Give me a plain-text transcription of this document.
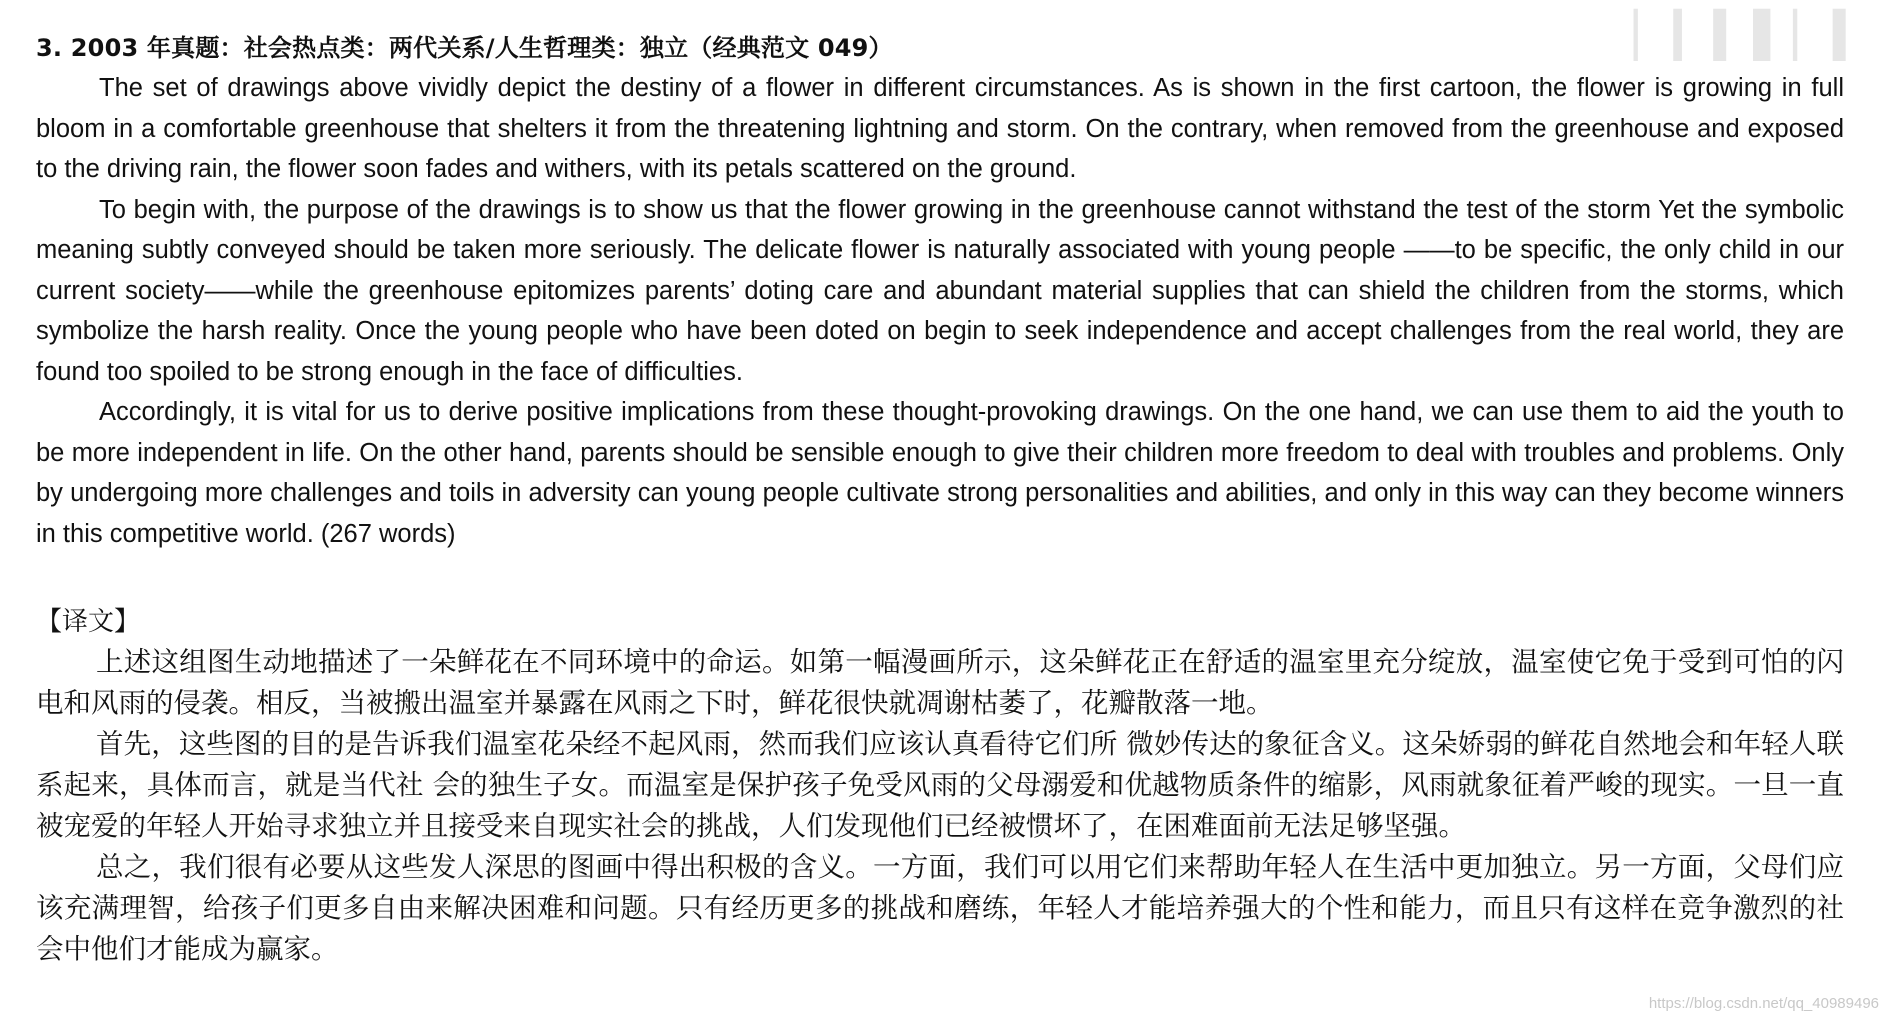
▏▎▍▌▏▍
3. 2003 年真题：社会热点类：两代关系/人生哲理类：独立（经典范文 049）

The set of drawings above vividly depict the destiny of a flower in different circumstances. As is shown in the first cartoon, the flower is growing in full bloom in a comfortable greenhouse that shelters it from the threatening lightning and storm. On the contrary, when removed from the greenhouse and exposed to the driving rain, the flower soon fades and withers, with its petals scattered on the ground.

To begin with, the purpose of the drawings is to show us that the flower growing in the greenhouse cannot withstand the test of the storm Yet the symbolic meaning subtly conveyed should be taken more seriously. The delicate flower is naturally associated with young people ——to be specific, the only child in our current society——while the greenhouse epitomizes parents’ doting care and abundant material supplies that can shield the children from the storms, which symbolize the harsh reality. Once the young people who have been doted on begin to seek independence and accept challenges from the real world, they are found too spoiled to be strong enough in the face of difficulties.

Accordingly, it is vital for us to derive positive implications from these thought-provoking drawings. On the one hand, we can use them to aid the youth to be more independent in life. On the other hand, parents should be sensible enough to give their children more freedom to deal with troubles and problems. Only by undergoing more challenges and toils in adversity can young people cultivate strong personalities and abilities, and only in this way can they become winners in this competitive world. (267 words)

【译文】

上述这组图生动地描述了一朵鲜花在不同环境中的命运。如第一幅漫画所示，这朵鲜花正在舒适的温室里充分绽放，温室使它免于受到可怕的闪电和风雨的侵袭。相反，当被搬出温室并暴露在风雨之下时，鲜花很快就凋谢枯萎了，花瓣散落一地。

首先，这些图的目的是告诉我们温室花朵经不起风雨，然而我们应该认真看待它们所 微妙传达的象征含义。这朵娇弱的鲜花自然地会和年轻人联系起来，具体而言，就是当代社 会的独生子女。而温室是保护孩子免受风雨的父母溺爱和优越物质条件的缩影，风雨就象征着严峻的现实。一旦一直被宠爱的年轻人开始寻求独立并且接受来自现实社会的挑战，人们发现他们已经被惯坏了，在困难面前无法足够坚强。

总之，我们很有必要从这些发人深思的图画中得出积极的含义。一方面，我们可以用它们来帮助年轻人在生活中更加独立。另一方面，父母们应该充满理智，给孩子们更多自由来解决困难和问题。只有经历更多的挑战和磨练，年轻人才能培养强大的个性和能力，而且只有这样在竞争激烈的社会中他们才能成为赢家。

https://blog.csdn.net/qq_40989496
